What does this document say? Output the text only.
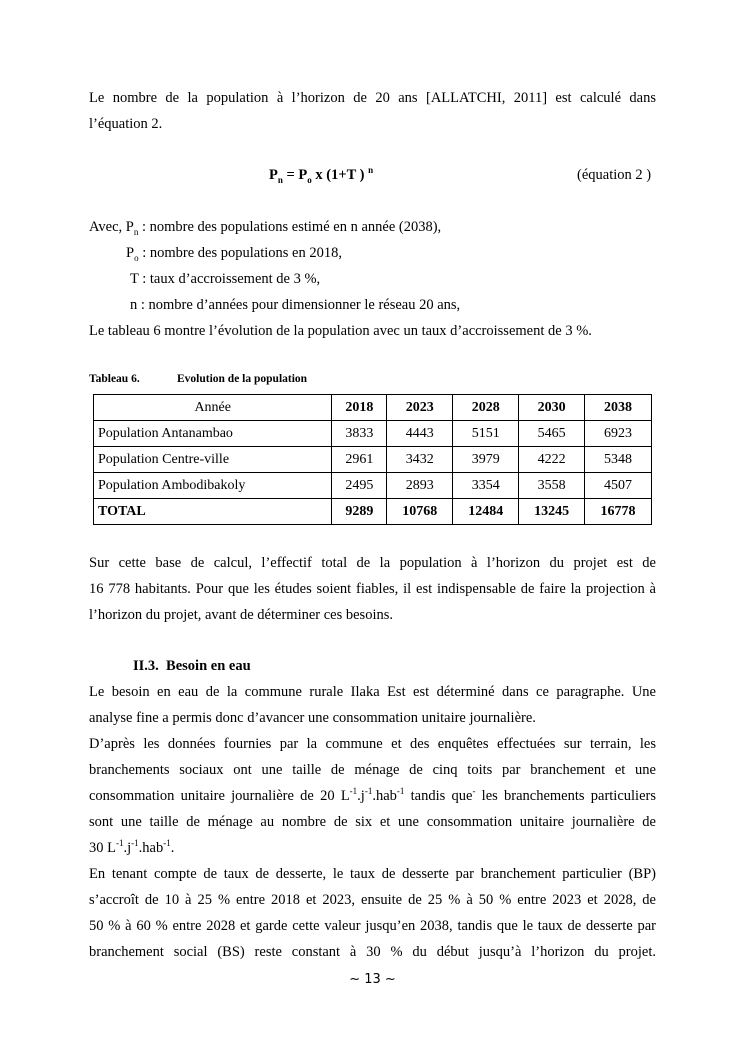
Le nombre de la population à l’horizon de 20 ans [ALLATCHI, 2011] est calculé dans
l’équation 2.
$P_n = P_o$ x (1+T ) $^n$	(équation 2 )
Avec, $P_n$ : nombre des populations estimé en n année (2038),
$P_o$ : nombre des populations en 2018,
T : taux d’accroissement de 3 %,
n : nombre d’années pour dimensionner le réseau 20 ans,
Le tableau 6 montre l’évolution de la population avec un taux d’accroissement de 3 %.
Tableau 6.	Evolution de la population
Année	2018	2023	2028	2030	2038
Population Antanambao	3833	4443	5151	5465	6923
Population Centre-ville	2961	3432	3979	4222	5348
Population Ambodibakoly	2495	2893	3354	3558	4507
TOTAL	9289	10768	12484	13245	16778
Sur cette base de calcul, l’effectif total de la population à l’horizon du projet est de
16 778 habitants. Pour que les études soient fiables, il est indispensable de faire la projection à
l’horizon du projet, avant de déterminer ces besoins.
II.3. Besoin en eau
Le besoin en eau de la commune rurale Ilaka Est est déterminé dans ce paragraphe. Une
analyse fine a permis donc d’avancer une consommation unitaire journalière.
D’après les données fournies par la commune et des enquêtes effectuées sur terrain, les
branchements sociaux ont une taille de ménage de cinq toits par branchement et une
consommation unitaire journalière de 20 $L^{-1}.j^{-1}.hab^{-1}$ tandis que- les branchements particuliers
sont une taille de ménage au nombre de six et une consommation unitaire journalière de
30 $L^{-1}.j^{-1}.hab^{-1}$.
En tenant compte de taux de desserte, le taux de desserte par branchement particulier (BP)
s’accroît de 10 à 25 % entre 2018 et 2023, ensuite de 25 % à 50 % entre 2023 et 2028, de
50 % à 60 % entre 2028 et garde cette valeur jusqu’en 2038, tandis que le taux de desserte par
branchement social (BS) reste constant à 30 % du début jusqu’à l’horizon du projet.
~ 13 ~
